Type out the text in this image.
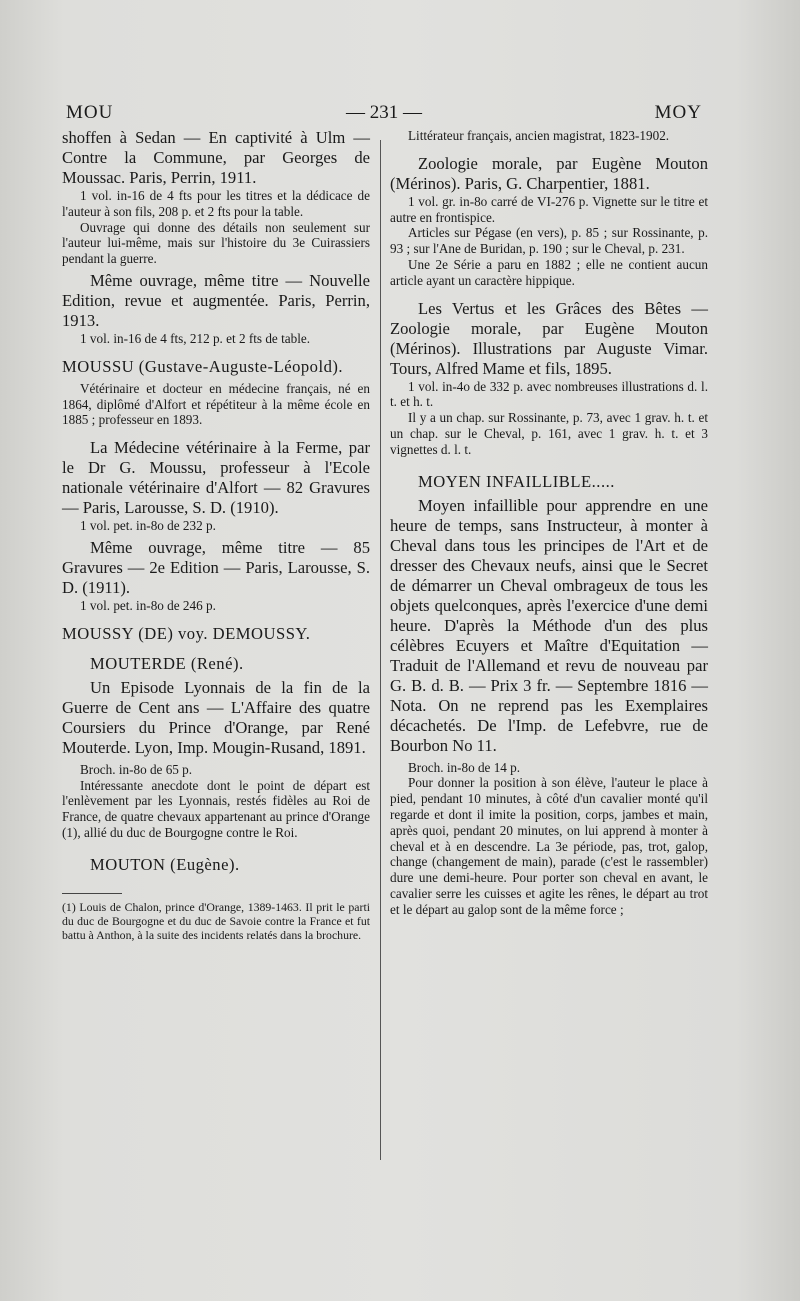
MOU	— 231 —	MOY

shoffen à Sedan — En captivité à Ulm — Contre la Commune, par Georges de Moussac. Paris, Perrin, 1911.

1 vol. in-16 de 4 fts pour les titres et la dédicace de l'auteur à son fils, 208 p. et 2 fts pour la table.

Ouvrage qui donne des détails non seulement sur l'auteur lui-même, mais sur l'histoire du 3e Cuirassiers pendant la guerre.

Même ouvrage, même titre — Nouvelle Edition, revue et augmentée. Paris, Perrin, 1913.

1 vol. in-16 de 4 fts, 212 p. et 2 fts de table.

MOUSSU (Gustave-Auguste-Léopold).

Vétérinaire et docteur en médecine français, né en 1864, diplômé d'Alfort et répétiteur à la même école en 1885 ; professeur en 1893.

La Médecine vétérinaire à la Ferme, par le Dr G. Moussu, professeur à l'Ecole nationale vétérinaire d'Alfort — 82 Gravures — Paris, Larousse, S. D. (1910).

1 vol. pet. in-8o de 232 p.

Même ouvrage, même titre — 85 Gravures — 2e Edition — Paris, Larousse, S. D. (1911).

1 vol. pet. in-8o de 246 p.

MOUSSY (DE) voy. DEMOUSSY.

MOUTERDE (René).

Un Episode Lyonnais de la fin de la Guerre de Cent ans — L'Affaire des quatre Coursiers du Prince d'Orange, par René Mouterde. Lyon, Imp. Mougin-Rusand, 1891.

Broch. in-8o de 65 p.

Intéressante anecdote dont le point de départ est l'enlèvement par les Lyonnais, restés fidèles au Roi de France, de quatre chevaux appartenant au prince d'Orange (1), allié du duc de Bourgogne contre le Roi.

MOUTON (Eugène).

(1) Louis de Chalon, prince d'Orange, 1389-1463. Il prit le parti du duc de Bourgogne et du duc de Savoie contre la France et fut battu à Anthon, à la suite des incidents relatés dans la brochure.

Littérateur français, ancien magistrat, 1823-1902.

Zoologie morale, par Eugène Mouton (Mérinos). Paris, G. Charpentier, 1881.

1 vol. gr. in-8o carré de VI-276 p. Vignette sur le titre et autre en frontispice.

Articles sur Pégase (en vers), p. 85 ; sur Rossinante, p. 93 ; sur l'Ane de Buridan, p. 190 ; sur le Cheval, p. 231.

Une 2e Série a paru en 1882 ; elle ne contient aucun article ayant un caractère hippique.

Les Vertus et les Grâces des Bêtes — Zoologie morale, par Eugène Mouton (Mérinos). Illustrations par Auguste Vimar. Tours, Alfred Mame et fils, 1895.

1 vol. in-4o de 332 p. avec nombreuses illustrations d. l. t. et h. t.

Il y a un chap. sur Rossinante, p. 73, avec 1 grav. h. t. et un chap. sur le Cheval, p. 161, avec 1 grav. h. t. et 3 vignettes d. l. t.

MOYEN INFAILLIBLE.....

Moyen infaillible pour apprendre en une heure de temps, sans Instructeur, à monter à Cheval dans tous les principes de l'Art et de dresser des Chevaux neufs, ainsi que le Secret de démarrer un Cheval ombrageux de tous les objets quelconques, après l'exercice d'une demi heure. D'après la Méthode d'un des plus célèbres Ecuyers et Maître d'Equitation — Traduit de l'Allemand et revu de nouveau par G. B. d. B. — Prix 3 fr. — Septembre 1816 — Nota. On ne reprend pas les Exemplaires décachetés. De l'Imp. de Lefebvre, rue de Bourbon No 11.

Broch. in-8o de 14 p.

Pour donner la position à son élève, l'auteur le place à pied, pendant 10 minutes, à côté d'un cavalier monté qu'il regarde et dont il imite la position, corps, jambes et main, après quoi, pendant 20 minutes, on lui apprend à monter à cheval et à en descendre. La 3e période, pas, trot, galop, change (changement de main), parade (c'est le rassembler) dure une demi-heure. Pour porter son cheval en avant, le cavalier serre les cuisses et agite les rênes, le départ au trot et le départ au galop sont de la même force ;
